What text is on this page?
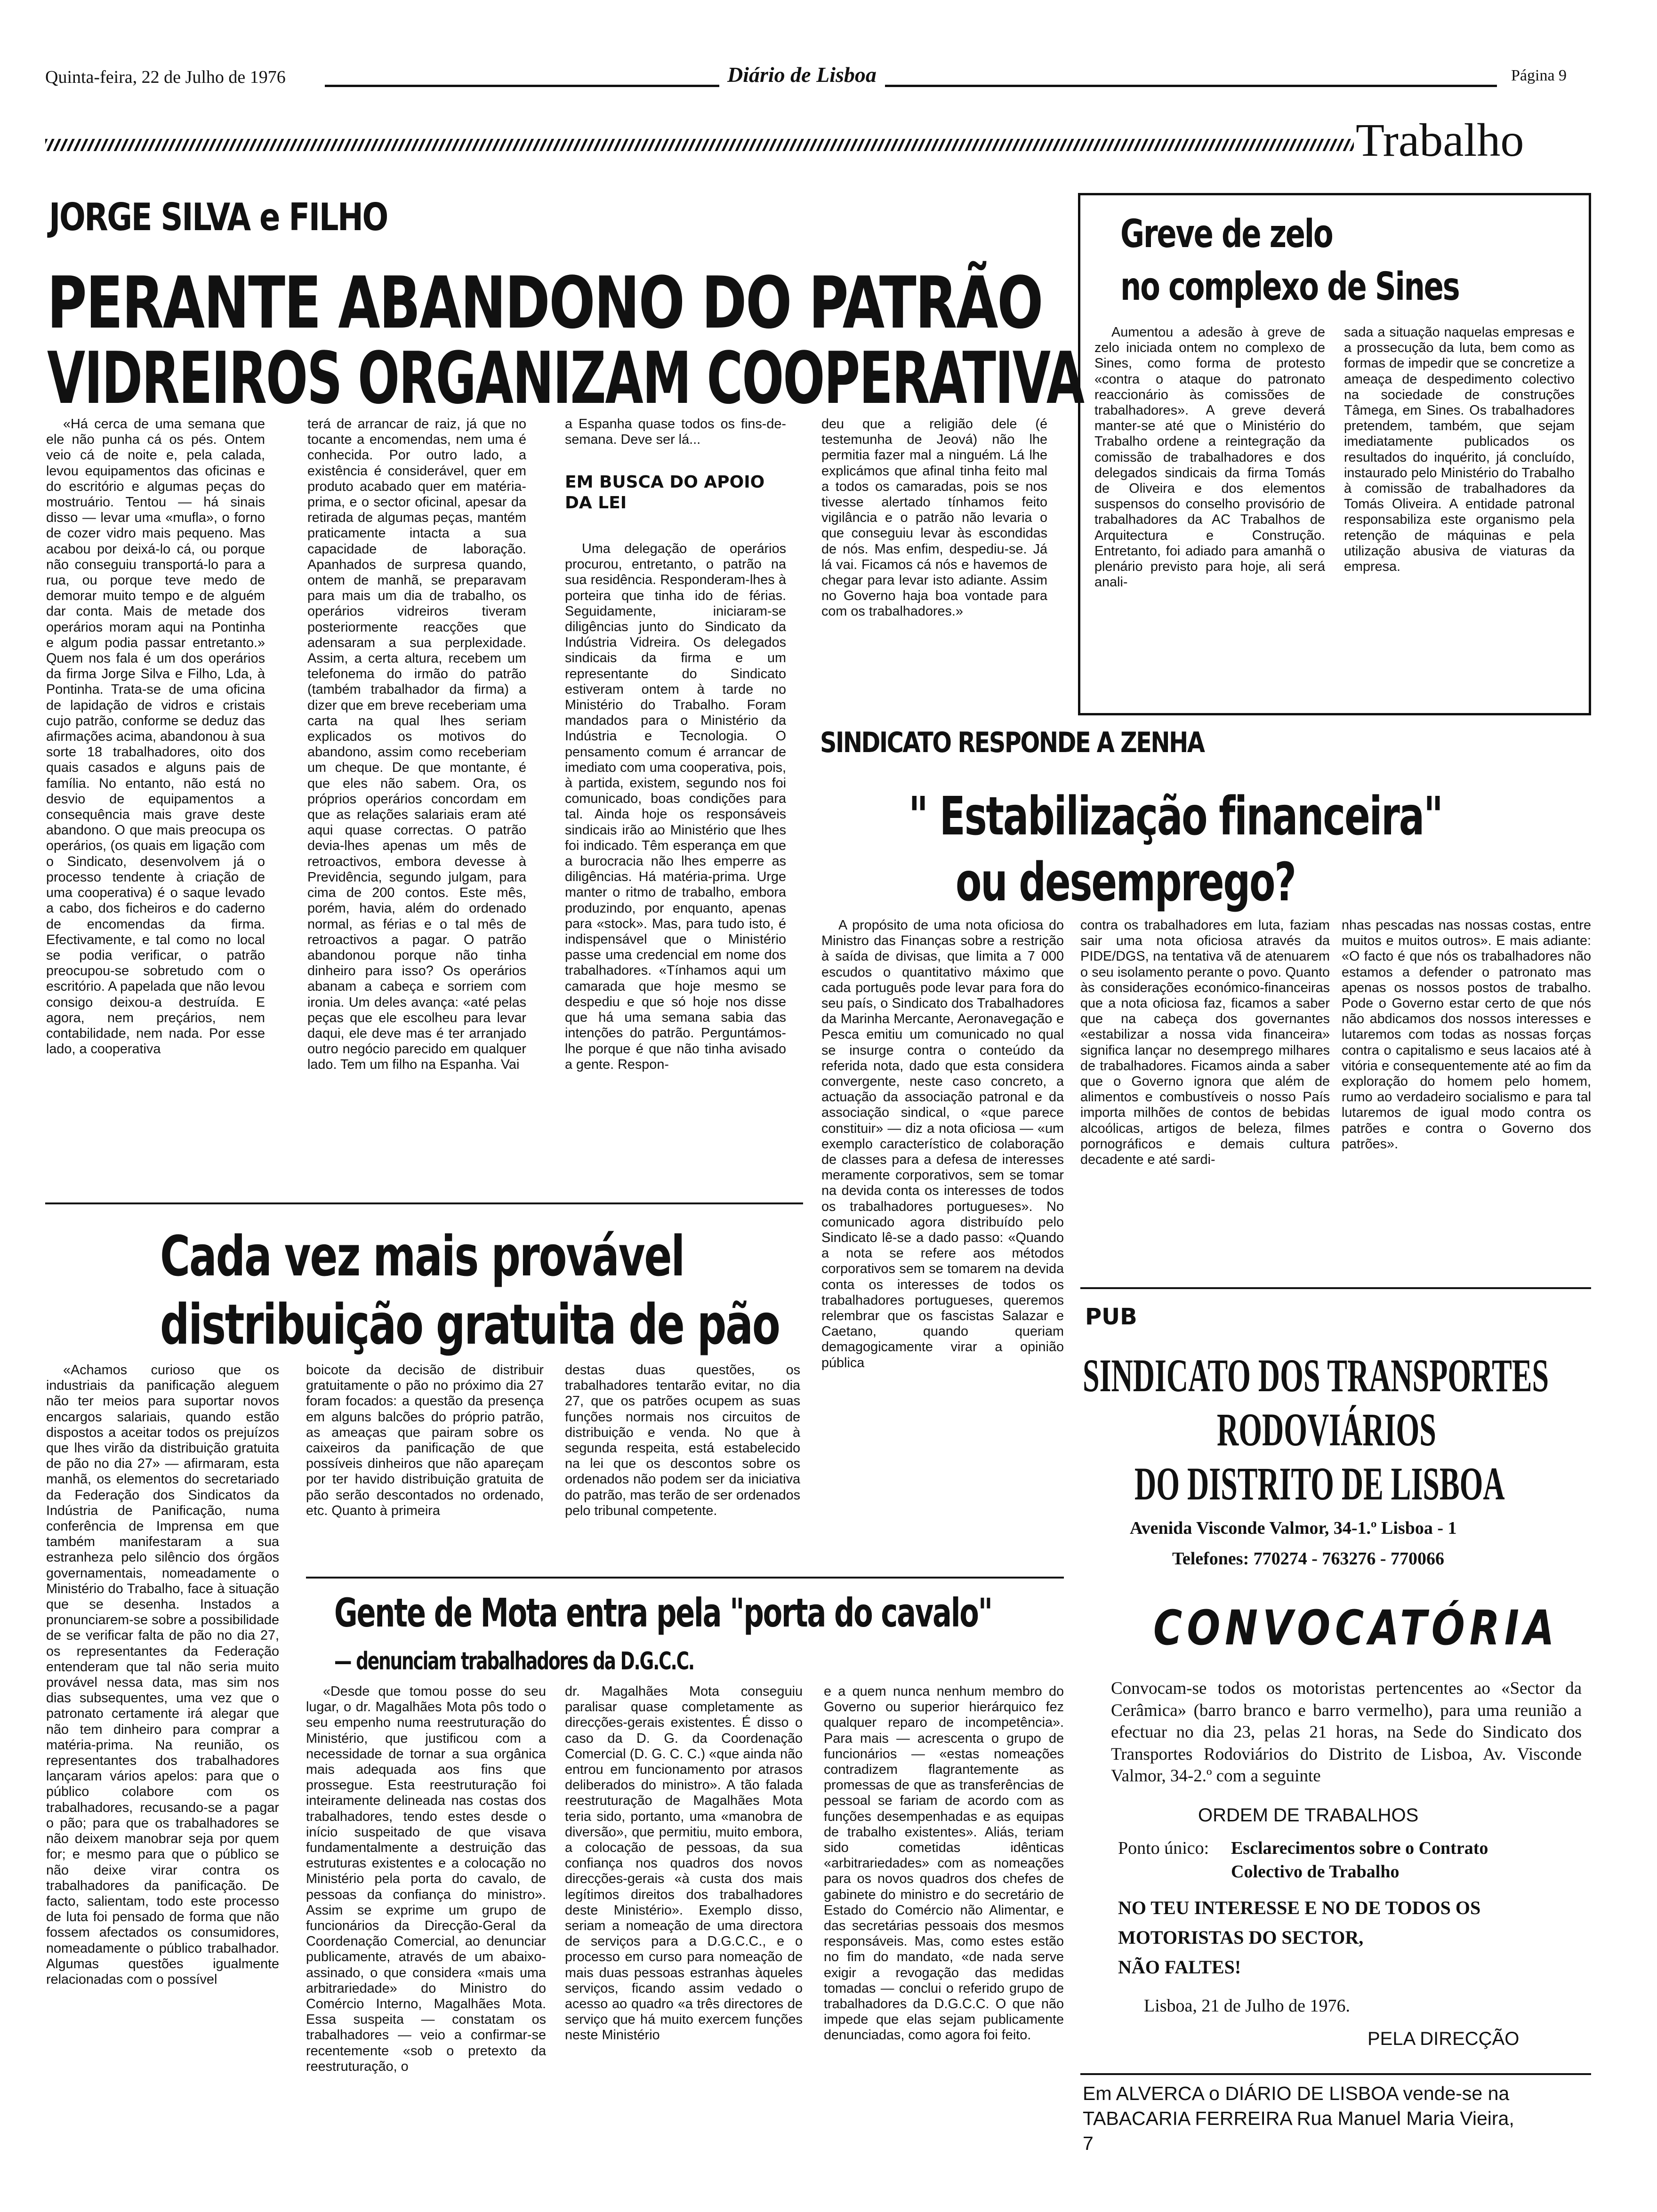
Quinta-feira, 22 de Julho de 1976	Diário de Lisboa	Página 9
Trabalho
JORGE SILVA e FILHO
PERANTE ABANDONO DO PATRÃO
VIDREIROS ORGANIZAM COOPERATIVA

«Há cerca de uma semana que ele não punha cá os pés. Ontem veio cá de noite e, pela calada, levou equipamentos das oficinas e do escritório e algumas peças do mostruário. Tentou — há sinais disso — levar uma «mufla», o forno de cozer vidro mais pequeno. Mas acabou por deixá-lo cá, ou porque não conseguiu transportá-lo para a rua, ou porque teve medo de demorar muito tempo e de alguém dar conta. Mais de metade dos operários moram aqui na Pontinha e algum podia passar entretanto.» Quem nos fala é um dos operários da firma Jorge Silva e Filho, Lda, à Pontinha. Trata-se de uma oficina de lapidação de vidros e cristais cujo patrão, conforme se deduz das afirmações acima, abandonou à sua sorte 18 trabalhadores, oito dos quais casados e alguns pais de família. No entanto, não está no desvio de equipamentos a consequência mais grave deste abandono. O que mais preocupa os operários, (os quais em ligação com o Sindicato, desenvolvem já o processo tendente à criação de uma cooperativa) é o saque levado a cabo, dos ficheiros e do caderno de encomendas da firma. Efectivamente, e tal como no local se podia verificar, o patrão preocupou-se sobretudo com o escritório. A papelada que não levou consigo deixou-a destruída. E agora, nem preçários, nem contabilidade, nem nada. Por esse lado, a cooperativa

terá de arrancar de raiz, já que no tocante a encomendas, nem uma é conhecida. Por outro lado, a existência é considerável, quer em produto acabado quer em matéria-prima, e o sector oficinal, apesar da retirada de algumas peças, mantém praticamente intacta a sua capacidade de laboração. Apanhados de surpresa quando, ontem de manhã, se preparavam para mais um dia de trabalho, os operários vidreiros tiveram posteriormente reacções que adensaram a sua perplexidade. Assim, a certa altura, recebem um telefonema do irmão do patrão (também trabalhador da firma) a dizer que em breve receberiam uma carta na qual lhes seriam explicados os motivos do abandono, assim como receberiam um cheque. De que montante, é que eles não sabem. Ora, os próprios operários concordam em que as relações salariais eram até aqui quase correctas. O patrão devia-lhes apenas um mês de retroactivos, embora devesse à Previdência, segundo julgam, para cima de 200 contos. Este mês, porém, havia, além do ordenado normal, as férias e o tal mês de retroactivos a pagar. O patrão abandonou porque não tinha dinheiro para isso? Os operários abanam a cabeça e sorriem com ironia. Um deles avança: «até pelas peças que ele escolheu para levar daqui, ele deve mas é ter arranjado outro negócio parecido em qualquer lado. Tem um filho na Espanha. Vai

a Espanha quase todos os fins-de-semana. Deve ser lá...

EM BUSCA DO APOIO DA LEI

Uma delegação de operários procurou, entretanto, o patrão na sua residência. Responderam-lhes à porteira que tinha ido de férias. Seguidamente, iniciaram-se diligências junto do Sindicato da Indústria Vidreira. Os delegados sindicais da firma e um representante do Sindicato estiveram ontem à tarde no Ministério do Trabalho. Foram mandados para o Ministério da Indústria e Tecnologia. O pensamento comum é arrancar de imediato com uma cooperativa, pois, à partida, existem, segundo nos foi comunicado, boas condições para tal. Ainda hoje os responsáveis sindicais irão ao Ministério que lhes foi indicado. Têm esperança em que a burocracia não lhes emperre as diligências. Há matéria-prima. Urge manter o ritmo de trabalho, embora produzindo, por enquanto, apenas para «stock». Mas, para tudo isto, é indispensável que o Ministério passe uma credencial em nome dos trabalhadores. «Tínhamos aqui um camarada que hoje mesmo se despediu e que só hoje nos disse que há uma semana sabia das intenções do patrão. Perguntámos-lhe porque é que não tinha avisado a gente. Respon-

deu que a religião dele (é testemunha de Jeová) não lhe permitia fazer mal a ninguém. Lá lhe explicámos que afinal tinha feito mal a todos os camaradas, pois se nos tivesse alertado tínhamos feito vigilância e o patrão não levaria o que conseguiu levar às escondidas de nós. Mas enfim, despediu-se. Já lá vai. Ficamos cá nós e havemos de chegar para levar isto adiante. Assim no Governo haja boa vontade para com os trabalhadores.»

Greve de zelo
no complexo de Sines

Aumentou a adesão à greve de zelo iniciada ontem no complexo de Sines, como forma de protesto «contra o ataque do patronato reaccionário às comissões de trabalhadores». A greve deverá manter-se até que o Ministério do Trabalho ordene a reintegração da comissão de trabalhadores e dos delegados sindicais da firma Tomás de Oliveira e dos elementos suspensos do conselho provisório de trabalhadores da AC Trabalhos de Arquitectura e Construção. Entretanto, foi adiado para amanhã o plenário previsto para hoje, ali será anali-

sada a situação naquelas empresas e a prossecução da luta, bem como as formas de impedir que se concretize a ameaça de despedimento colectivo na sociedade de construções Tâmega, em Sines. Os trabalhadores pretendem, também, que sejam imediatamente publicados os resultados do inquérito, já concluído, instaurado pelo Ministério do Trabalho à comissão de trabalhadores da Tomás Oliveira. A entidade patronal responsabiliza este organismo pela retenção de máquinas e pela utilização abusiva de viaturas da empresa.

SINDICATO RESPONDE A ZENHA
" Estabilização financeira"
ou desemprego?

A propósito de uma nota oficiosa do Ministro das Finanças sobre a restrição à saída de divisas, que limita a 7 000 escudos o quantitativo máximo que cada português pode levar para fora do seu país, o Sindicato dos Trabalhadores da Marinha Mercante, Aeronavegação e Pesca emitiu um comunicado no qual se insurge contra o conteúdo da referida nota, dado que esta considera convergente, neste caso concreto, a actuação da associação patronal e da associação sindical, o «que parece constituir» — diz a nota oficiosa — «um exemplo característico de colaboração de classes para a defesa de interesses meramente corporativos, sem se tomar na devida conta os interesses de todos os trabalhadores portugueses». No comunicado agora distribuído pelo Sindicato lê-se a dado passo: «Quando a nota se refere aos métodos corporativos sem se tomarem na devida conta os interesses de todos os trabalhadores portugueses, queremos relembrar que os fascistas Salazar e Caetano, quando queriam demagogicamente virar a opinião pública

contra os trabalhadores em luta, faziam sair uma nota oficiosa através da PIDE/DGS, na tentativa vã de atenuarem o seu isolamento perante o povo. Quanto às considerações económico-financeiras que a nota oficiosa faz, ficamos a saber que na cabeça dos governantes «estabilizar a nossa vida financeira» significa lançar no desemprego milhares de trabalhadores. Ficamos ainda a saber que o Governo ignora que além de alimentos e combustíveis o nosso País importa milhões de contos de bebidas alcoólicas, artigos de beleza, filmes pornográficos e demais cultura decadente e até sardi-

nhas pescadas nas nossas costas, entre muitos e muitos outros». E mais adiante: «O facto é que nós os trabalhadores não estamos a defender o patronato mas apenas os nossos postos de trabalho. Pode o Governo estar certo de que nós não abdicamos dos nossos interesses e lutaremos com todas as nossas forças contra o capitalismo e seus lacaios até à vitória e consequentemente até ao fim da exploração do homem pelo homem, rumo ao verdadeiro socialismo e para tal lutaremos de igual modo contra os patrões e contra o Governo dos patrões».

Cada vez mais provável
distribuição gratuita de pão

«Achamos curioso que os industriais da panificação aleguem não ter meios para suportar novos encargos salariais, quando estão dispostos a aceitar todos os prejuízos que lhes virão da distribuição gratuita de pão no dia 27» — afirmaram, esta manhã, os elementos do secretariado da Federação dos Sindicatos da Indústria de Panificação, numa conferência de Imprensa em que também manifestaram a sua estranheza pelo silêncio dos órgãos governamentais, nomeadamente o Ministério do Trabalho, face à situação que se desenha. Instados a pronunciarem-se sobre a possibilidade de se verificar falta de pão no dia 27, os representantes da Federação entenderam que tal não seria muito provável nessa data, mas sim nos dias subsequentes, uma vez que o patronato certamente irá alegar que não tem dinheiro para comprar a matéria-prima. Na reunião, os representantes dos trabalhadores lançaram vários apelos: para que o público colabore com os trabalhadores, recusando-se a pagar o pão; para que os trabalhadores se não deixem manobrar seja por quem for; e mesmo para que o público se não deixe virar contra os trabalhadores da panificação. De facto, salientam, todo este processo de luta foi pensado de forma que não fossem afectados os consumidores, nomeadamente o público trabalhador. Algumas questões igualmente relacionadas com o possível

boicote da decisão de distribuir gratuitamente o pão no próximo dia 27 foram focados: a questão da presença em alguns balcões do próprio patrão, as ameaças que pairam sobre os caixeiros da panificação de que possíveis dinheiros que não apareçam por ter havido distribuição gratuita de pão serão descontados no ordenado, etc. Quanto à primeira

destas duas questões, os trabalhadores tentarão evitar, no dia 27, que os patrões ocupem as suas funções normais nos circuitos de distribuição e venda. No que à segunda respeita, está estabelecido na lei que os descontos sobre os ordenados não podem ser da iniciativa do patrão, mas terão de ser ordenados pelo tribunal competente.

Gente de Mota entra pela "porta do cavalo"
— denunciam trabalhadores da D.G.C.C.

«Desde que tomou posse do seu lugar, o dr. Magalhães Mota pôs todo o seu empenho numa reestruturação do Ministério, que justificou com a necessidade de tornar a sua orgânica mais adequada aos fins que prossegue. Esta reestruturação foi inteiramente delineada nas costas dos trabalhadores, tendo estes desde o início suspeitado de que visava fundamentalmente a destruição das estruturas existentes e a colocação no Ministério pela porta do cavalo, de pessoas da confiança do ministro». Assim se exprime um grupo de funcionários da Direcção-Geral da Coordenação Comercial, ao denunciar publicamente, através de um abaixo-assinado, o que considera «mais uma arbitrariedade» do Ministro do Comércio Interno, Magalhães Mota. Essa suspeita — constatam os trabalhadores — veio a confirmar-se recentemente «sob o pretexto da reestruturação, o

dr. Magalhães Mota conseguiu paralisar quase completamente as direcções-gerais existentes. É disso o caso da D. G. da Coordenação Comercial (D. G. C. C.) «que ainda não entrou em funcionamento por atrasos deliberados do ministro». A tão falada reestruturação de Magalhães Mota teria sido, portanto, uma «manobra de diversão», que permitiu, muito embora, a colocação de pessoas, da sua confiança nos quadros dos novos direcções-gerais «à custa dos mais legítimos direitos dos trabalhadores deste Ministério». Exemplo disso, seriam a nomeação de uma directora de serviços para a D.G.C.C., e o processo em curso para nomeação de mais duas pessoas estranhas àqueles serviços, ficando assim vedado o acesso ao quadro «a três directores de serviço que há muito exercem funções neste Ministério

e a quem nunca nenhum membro do Governo ou superior hierárquico fez qualquer reparo de incompetência». Para mais — acrescenta o grupo de funcionários — «estas nomeações contradizem flagrantemente as promessas de que as transferências de pessoal se fariam de acordo com as funções desempenhadas e as equipas de trabalho existentes». Aliás, teriam sido cometidas idênticas «arbitrariedades» com as nomeações para os novos quadros dos chefes de gabinete do ministro e do secretário de Estado do Comércio não Alimentar, e das secretárias pessoais dos mesmos responsáveis. Mas, como estes estão no fim do mandato, «de nada serve exigir a revogação das medidas tomadas — conclui o referido grupo de trabalhadores da D.G.C.C. O que não impede que elas sejam publicamente denunciadas, como agora foi feito.

PUB
SINDICATO DOS TRANSPORTES
RODOVIÁRIOS
DO DISTRITO DE LISBOA
Avenida Visconde Valmor, 34-1.º Lisboa - 1
Telefones: 770274 - 763276 - 770066
CONVOCATÓRIA
Convocam-se todos os motoristas pertencentes ao «Sector da Cerâmica» (barro branco e barro vermelho), para uma reunião a efectuar no dia 23, pelas 21 horas, na Sede do Sindicato dos Transportes Rodoviários do Distrito de Lisboa, Av. Visconde Valmor, 34-2.º com a seguinte
ORDEM DE TRABALHOS
Ponto único: Esclarecimentos sobre o Contrato
Colectivo de Trabalho
NO TEU INTERESSE E NO DE TODOS OS
MOTORISTAS DO SECTOR,
NÃO FALTES!
Lisboa, 21 de Julho de 1976.
PELA DIRECÇÃO
Em ALVERCA o DIÁRIO DE LISBOA vende-se na
TABACARIA FERREIRA Rua Manuel Maria Vieira,
7
